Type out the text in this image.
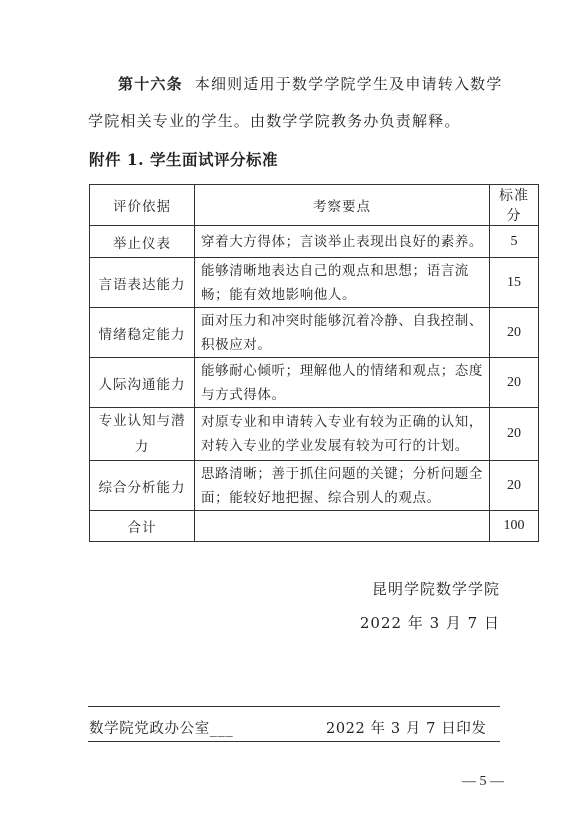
第十六条 本细则适用于数学学院学生及申请转入数学
学院相关专业的学生。由数学学院教务办负责解释。
附件 1. 学生面试评分标准
评价依据	考察要点	标准分
举止仪表	穿着大方得体；言谈举止表现出良好的素养。	5
言语表达能力	能够清晰地表达自己的观点和思想；语言流畅；能有效地影响他人。	15
情绪稳定能力	面对压力和冲突时能够沉着冷静、自我控制、积极应对。	20
人际沟通能力	能够耐心倾听；理解他人的情绪和观点；态度与方式得体。	20
专业认知与潜力	对原专业和申请转入专业有较为正确的认知，对转入专业的学业发展有较为可行的计划。	20
综合分析能力	思路清晰；善于抓住问题的关键；分析问题全面；能较好地把握、综合别人的观点。	20
合计		100
昆明学院数学学院
2022 年 3 月 7 日
数学院党政办公室___	2022 年 3 月 7 日印发
— 5 —
